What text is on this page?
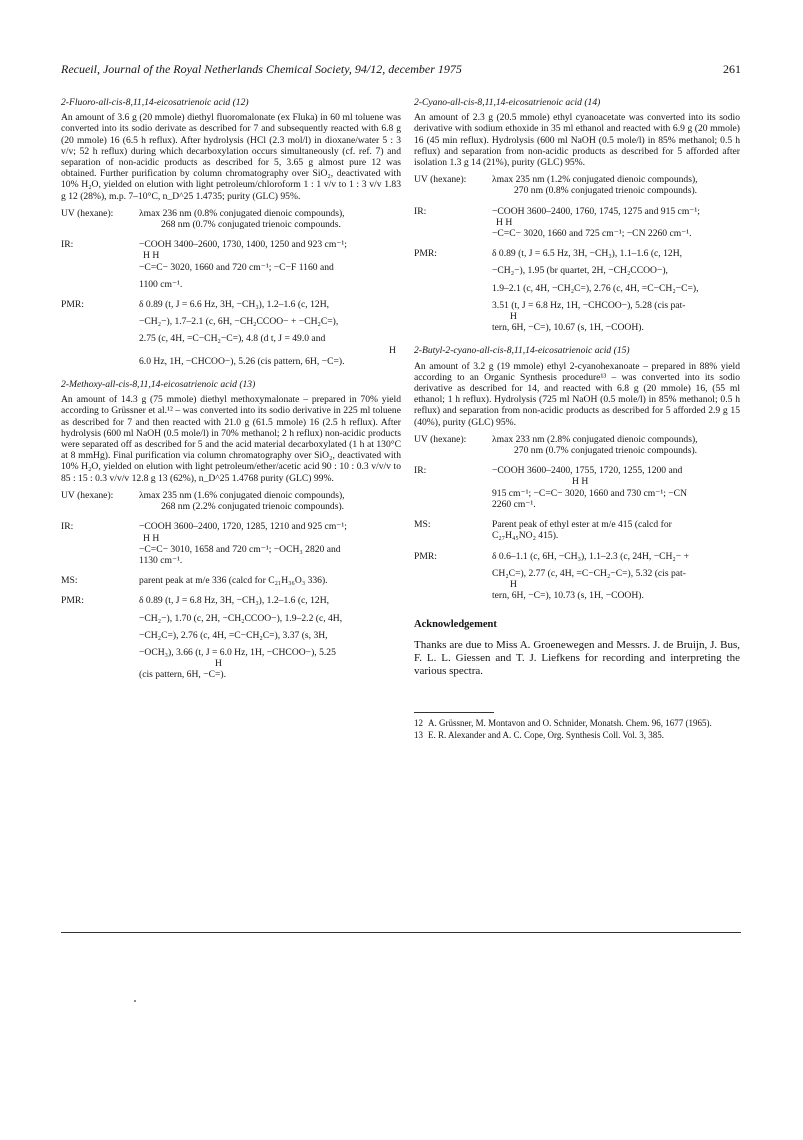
Recueil, Journal of the Royal Netherlands Chemical Society, 94/12, december 1975	261

2-Fluoro-all-cis-8,11,14-eicosatrienoic acid (12)

An amount of 3.6 g (20 mmole) diethyl fluoromalonate (ex Fluka) in 60 ml toluene was converted into its sodio derivate as described for 7 and subsequently reacted with 6.8 g (20 mmole) 16 (6.5 h reflux). After hydrolysis (HCl (2.3 mol/l) in dioxane/water 5 : 3 v/v; 52 h reflux) during which decarboxylation occurs simultaneously (cf. ref. 7) and separation of non-acidic products as described for 5, 3.65 g almost pure 12 was obtained. Further purification by column chromatography over SiO₂, deactivated with 10% H₂O, yielded on elution with light petroleum/chloroform 1 : 1 v/v to 1 : 3 v/v 1.83 g 12 (28%), m.p. 7–10°C, n_D^25 1.4735; purity (GLC) 95%.

UV (hexane):	λmax 236 nm (0.8% conjugated dienoic compounds),
268 nm (0.7% conjugated trienoic compounds.
IR:	−COOH 3400–2600, 1730, 1400, 1250 and 923 cm⁻¹;
H H
−C=C− 3020, 1660 and 720 cm⁻¹; −C−F 1160 and
1100 cm⁻¹.
PMR:	δ 0.89 (t, J = 6.6 Hz, 3H, −CH₃), 1.2–1.6 (c, 12H,
−CH₂−), 1.7–2.1 (c, 6H, −CH₂CCOO− + −CH₂C=),
2.75 (c, 4H, =C−CH₂−C=), 4.8 (d t, J = 49.0 and
H
6.0 Hz, 1H, −CHCOO−), 5.26 (cis pattern, 6H, −C=).

2-Methoxy-all-cis-8,11,14-eicosatrienoic acid (13)

An amount of 14.3 g (75 mmole) diethyl methoxymalonate – prepared in 70% yield according to Grüssner et al.¹² – was converted into its sodio derivative in 225 ml toluene as described for 7 and then reacted with 21.0 g (61.5 mmole) 16 (2.5 h reflux). After hydrolysis (600 ml NaOH (0.5 mole/l) in 70% methanol; 2 h reflux) non-acidic products were separated off as described for 5 and the acid material decarboxylated (1 h at 130°C at 8 mmHg). Final purification via column chromatography over SiO₂, deactivated with 10% H₂O, yielded on elution with light petroleum/ether/acetic acid 90 : 10 : 0.3 v/v/v to 85 : 15 : 0.3 v/v/v 12.8 g 13 (62%), n_D^25 1.4768 purity (GLC) 99%.

UV (hexane):	λmax 235 nm (1.6% conjugated dienoic compounds),
268 nm (2.2% conjugated trienoic compounds).
IR:	−COOH 3600–2400, 1720, 1285, 1210 and 925 cm⁻¹;
H H
−C=C− 3010, 1658 and 720 cm⁻¹; −OCH₃ 2820 and
1130 cm⁻¹.
MS:	parent peak at m/e 336 (calcd for C₂₁H₃₆O₃ 336).
PMR:	δ 0.89 (t, J = 6.8 Hz, 3H, −CH₃), 1.2–1.6 (c, 12H,
−CH₂−), 1.70 (c, 2H, −CH₂CCOO−), 1.9–2.2 (c, 4H,
−CH₂C=), 2.76 (c, 4H, =C−CH₂C=), 3.37 (s, 3H,
−OCH₃), 3.66 (t, J = 6.0 Hz, 1H, −CHCOO−), 5.25
H
(cis pattern, 6H, −C=).

2-Cyano-all-cis-8,11,14-eicosatrienoic acid (14)

An amount of 2.3 g (20.5 mmole) ethyl cyanoacetate was converted into its sodio derivative with sodium ethoxide in 35 ml ethanol and reacted with 6.9 g (20 mmole) 16 (45 min reflux). Hydrolysis (600 ml NaOH (0.5 mole/l) in 85% methanol; 0.5 h reflux) and separation from non-acidic products as described for 5 afforded after isolation 1.3 g 14 (21%), purity (GLC) 95%.

UV (hexane):	λmax 235 nm (1.2% conjugated dienoic compounds),
270 nm (0.8% conjugated trienoic compounds).
IR:	−COOH 3600–2400, 1760, 1745, 1275 and 915 cm⁻¹;
H H
−C=C− 3020, 1660 and 725 cm⁻¹; −CN 2260 cm⁻¹.
PMR:	δ 0.89 (t, J = 6.5 Hz, 3H, −CH₃), 1.1–1.6 (c, 12H,
−CH₂−), 1.95 (br quartet, 2H, −CH₂CCOO−),
1.9–2.1 (c, 4H, −CH₂C=), 2.76 (c, 4H, =C−CH₂−C=),
3.51 (t, J = 6.8 Hz, 1H, −CHCOO−), 5.28 (cis pat-
H
tern, 6H, −C=), 10.67 (s, 1H, −COOH).

2-Butyl-2-cyano-all-cis-8,11,14-eicosatrienoic acid (15)

An amount of 3.2 g (19 mmole) ethyl 2-cyanohexanoate – prepared in 88% yield according to an Organic Synthesis procedure¹³ – was converted into its sodio derivative as described for 14, and reacted with 6.8 g (20 mmole) 16, (55 ml ethanol; 1 h reflux). Hydrolysis (725 ml NaOH (0.5 mole/l) in 85% methanol; 0.5 h reflux) and separation from non-acidic products as described for 5 afforded 2.9 g 15 (40%), purity (GLC) 95%.

UV (hexane):	λmax 233 nm (2.8% conjugated dienoic compounds),
270 nm (0.7% conjugated trienoic compounds).
IR:	−COOH 3600–2400, 1755, 1720, 1255, 1200 and
H H
915 cm⁻¹; −C=C− 3020, 1660 and 730 cm⁻¹; −CN
2260 cm⁻¹.
MS:	Parent peak of ethyl ester at m/e 415 (calcd for
C₂₇H₄₅NO₂ 415).
PMR:	δ 0.6–1.1 (c, 6H, −CH₃), 1.1–2.3 (c, 24H, −CH₂− +
CH₂C=), 2.77 (c, 4H, =C−CH₂−C=), 5.32 (cis pat-
H
tern, 6H, −C=), 10.73 (s, 1H, −COOH).

Acknowledgement

Thanks are due to Miss A. Groenewegen and Messrs. J. de Bruijn, J. Bus, F. L. L. Giessen and T. J. Liefkens for recording and interpreting the various spectra.

12 A. Grüssner, M. Montavon and O. Schnider, Monatsh. Chem. 96, 1677 (1965).
13 E. R. Alexander and A. C. Cope, Org. Synthesis Coll. Vol. 3, 385.
